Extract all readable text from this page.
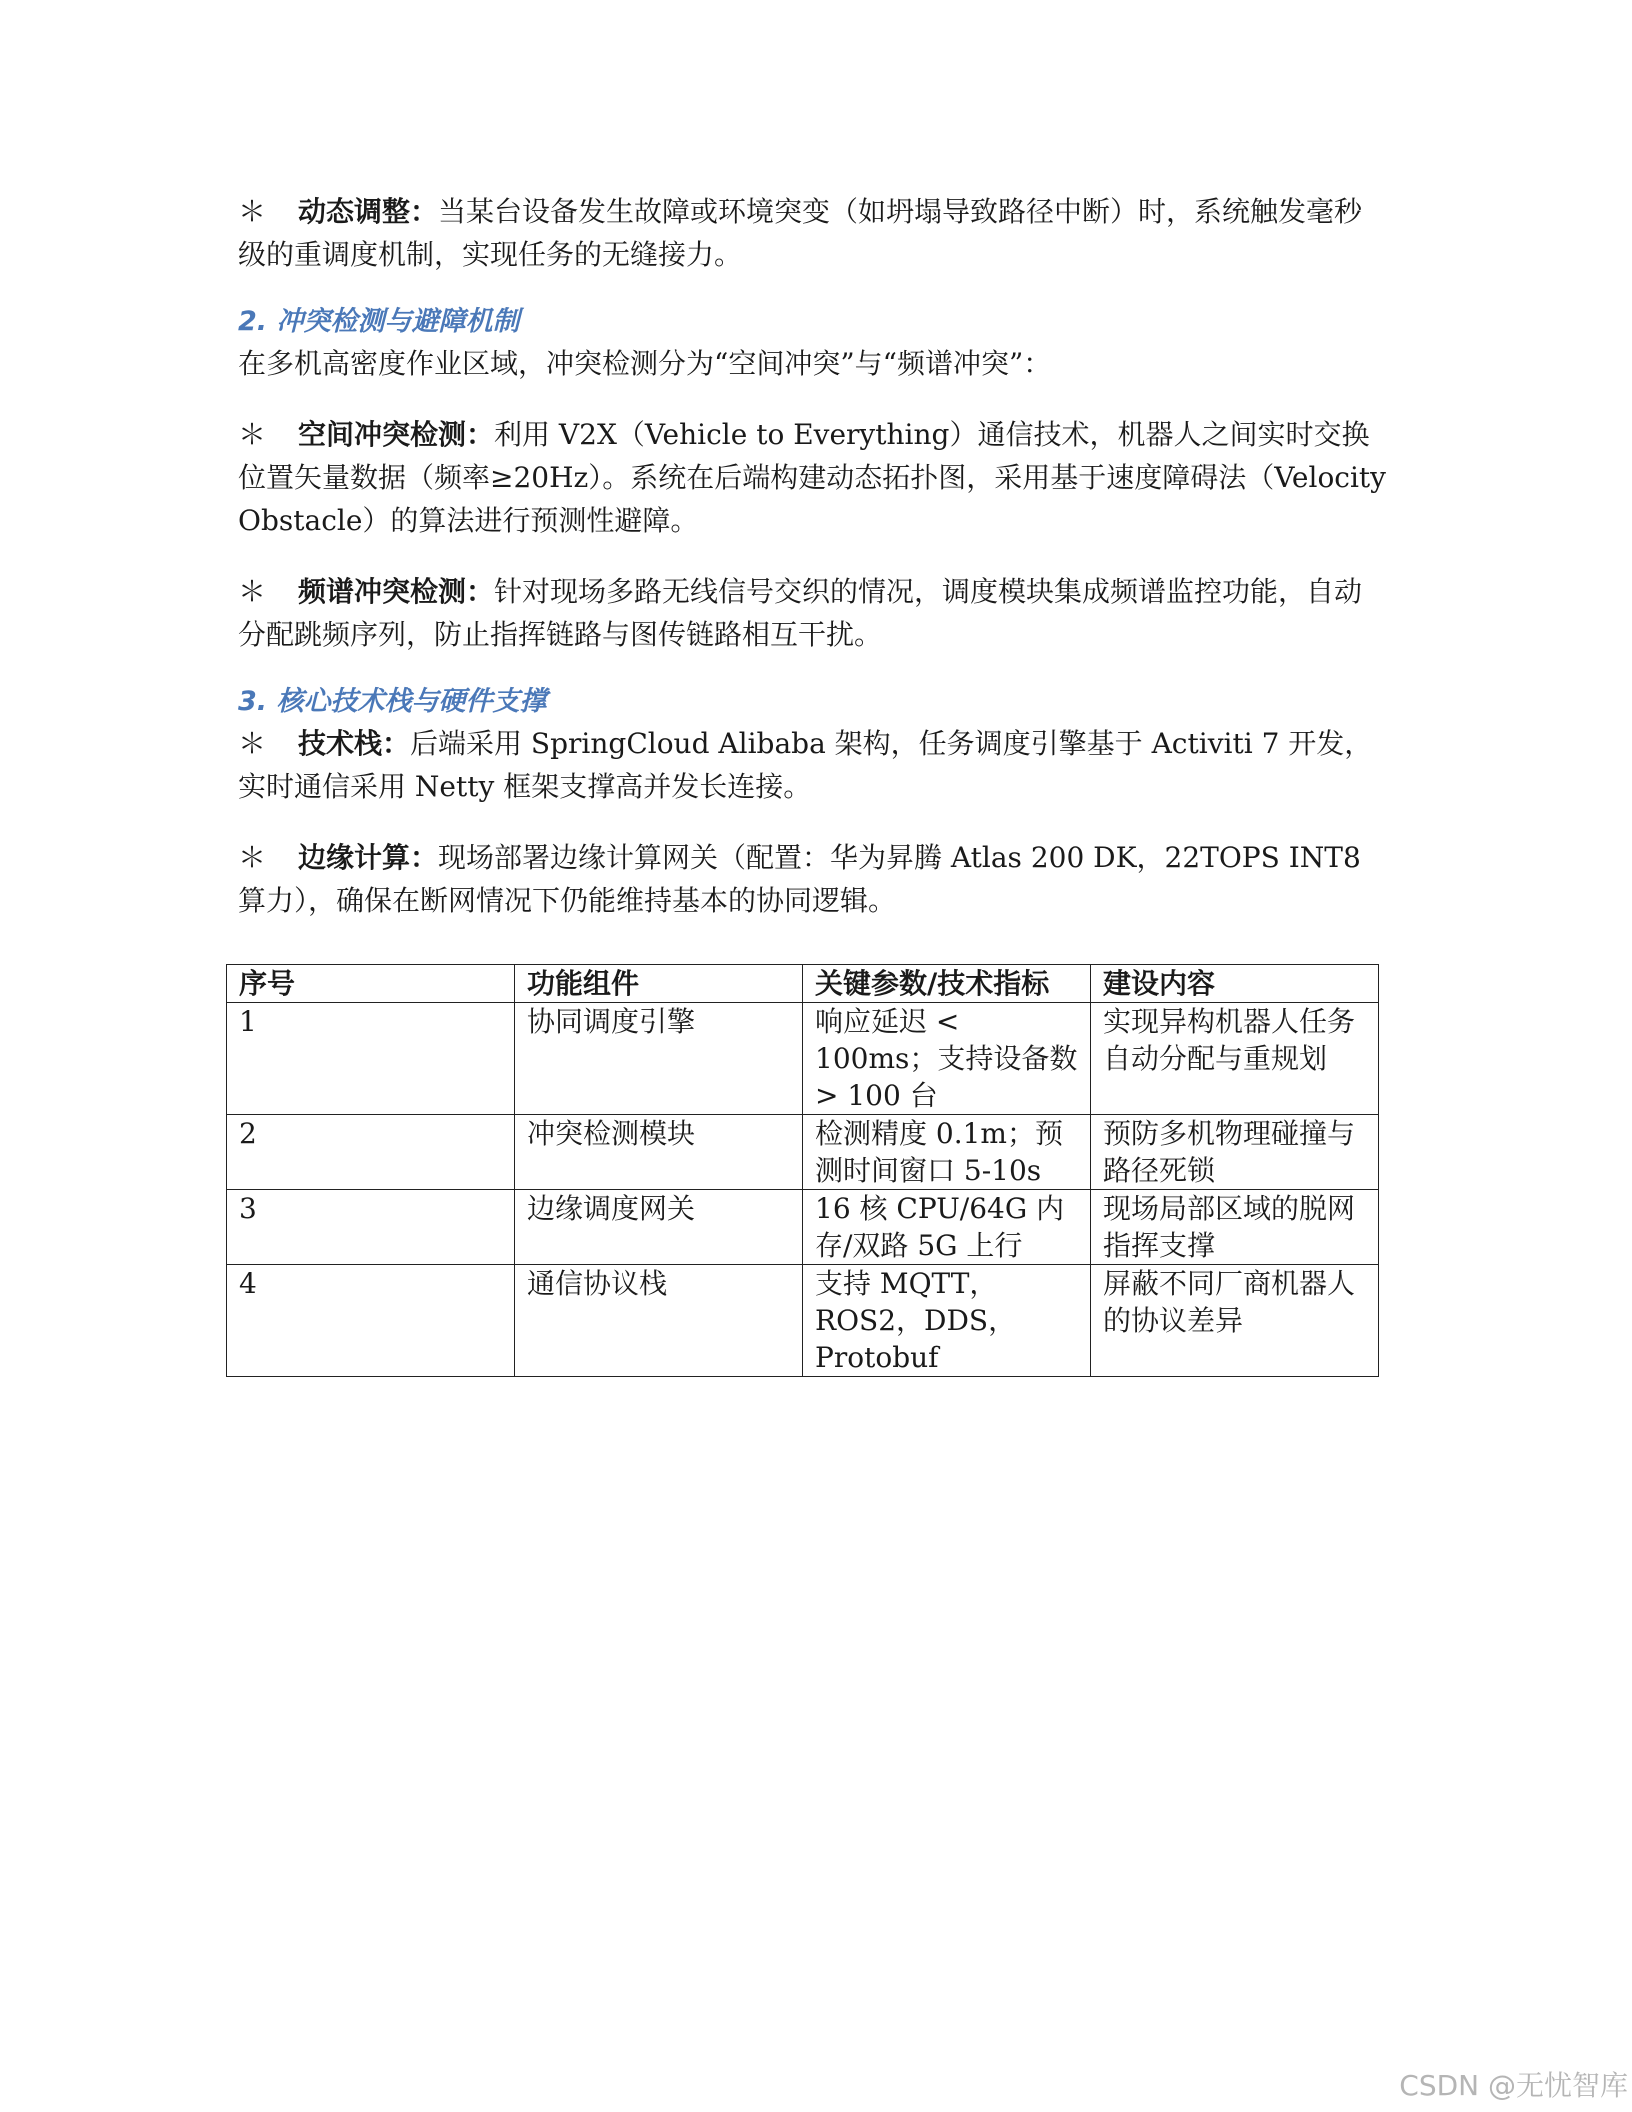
＊ 动态调整：当某台设备发生故障或环境突变（如坍塌导致路径中断）时，系统触发毫秒级的重调度机制，实现任务的无缝接力。

2. 冲突检测与避障机制

在多机高密度作业区域，冲突检测分为“空间冲突”与“频谱冲突”：

＊ 空间冲突检测：利用 V2X（Vehicle to Everything）通信技术，机器人之间实时交换位置矢量数据（频率≥20Hz）。系统在后端构建动态拓扑图，采用基于速度障碍法（Velocity Obstacle）的算法进行预测性避障。

＊ 频谱冲突检测：针对现场多路无线信号交织的情况，调度模块集成频谱监控功能，自动分配跳频序列，防止指挥链路与图传链路相互干扰。

3. 核心技术栈与硬件支撑

＊ 技术栈：后端采用 SpringCloud Alibaba 架构，任务调度引擎基于 Activiti 7 开发，实时通信采用 Netty 框架支撑高并发长连接。

＊ 边缘计算：现场部署边缘计算网关（配置：华为昇腾 Atlas 200 DK，22TOPS INT8 算力），确保在断网情况下仍能维持基本的协同逻辑。

序号	功能组件	关键参数/技术指标	建设内容
1	协同调度引擎	响应延迟 < 100ms；支持设备数 > 100 台	实现异构机器人任务自动分配与重规划
2	冲突检测模块	检测精度 0.1m；预测时间窗口 5-10s	预防多机物理碰撞与路径死锁
3	边缘调度网关	16 核 CPU/64G 内存/双路 5G 上行	现场局部区域的脱网指挥支撑
4	通信协议栈	支持 MQTT，ROS2，DDS，Protobuf	屏蔽不同厂商机器人的协议差异
CSDN @无忧智库
